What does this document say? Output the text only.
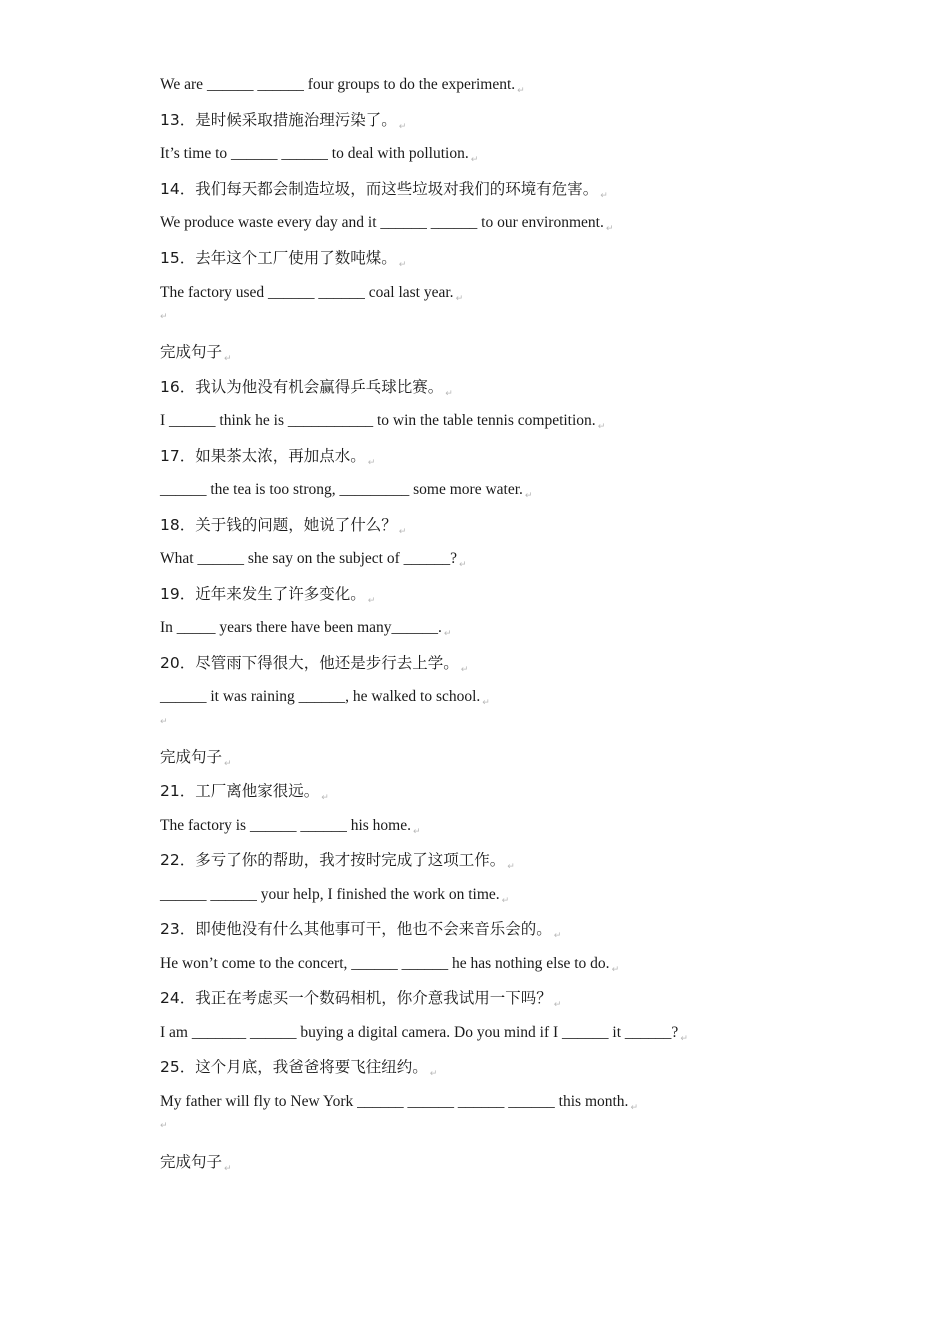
We are ______ ______ four groups to do the experiment. $_↵$
13．是时候采取措施治理污染了。 $_↵$
It’s time to ______ ______ to deal with pollution. $_↵$
14．我们每天都会制造垃圾，而这些垃圾对我们的环境有危害。 $_↵$
We produce waste every day and it ______ ______ to our environment. $_↵$
15．去年这个工厂使用了数吨煤。 $_↵$
The factory used ______ ______ coal last year. $_↵$
↵
完成句子 $_↵$
16．我认为他没有机会赢得乒乓球比赛。 $_↵$
I ______ think he is ___________ to win the table tennis competition. $_↵$
17．如果茶太浓，再加点水。 $_↵$
______ the tea is too strong, _________ some more water. $_↵$
18．关于钱的问题，她说了什么？ $_↵$
What ______ she say on the subject of ______? $_↵$
19．近年来发生了许多变化。 $_↵$
In _____ years there have been many______. $_↵$
20．尽管雨下得很大，他还是步行去上学。 $_↵$
______ it was raining ______, he walked to school. $_↵$
↵
完成句子 $_↵$
21．工厂离他家很远。 $_↵$
The factory is ______ ______ his home. $_↵$
22．多亏了你的帮助，我才按时完成了这项工作。 $_↵$
______ ______ your help, I finished the work on time. $_↵$
23．即使他没有什么其他事可干，他也不会来音乐会的。 $_↵$
He won’t come to the concert, ______ ______ he has nothing else to do. $_↵$
24．我正在考虑买一个数码相机，你介意我试用一下吗？ $_↵$
I am _______ ______ buying a digital camera. Do you mind if I ______ it ______? $_↵$
25．这个月底，我爸爸将要飞往纽约。 $_↵$
My father will fly to New York ______ ______ ______ ______ this month. $_↵$
↵
完成句子 $_↵$
